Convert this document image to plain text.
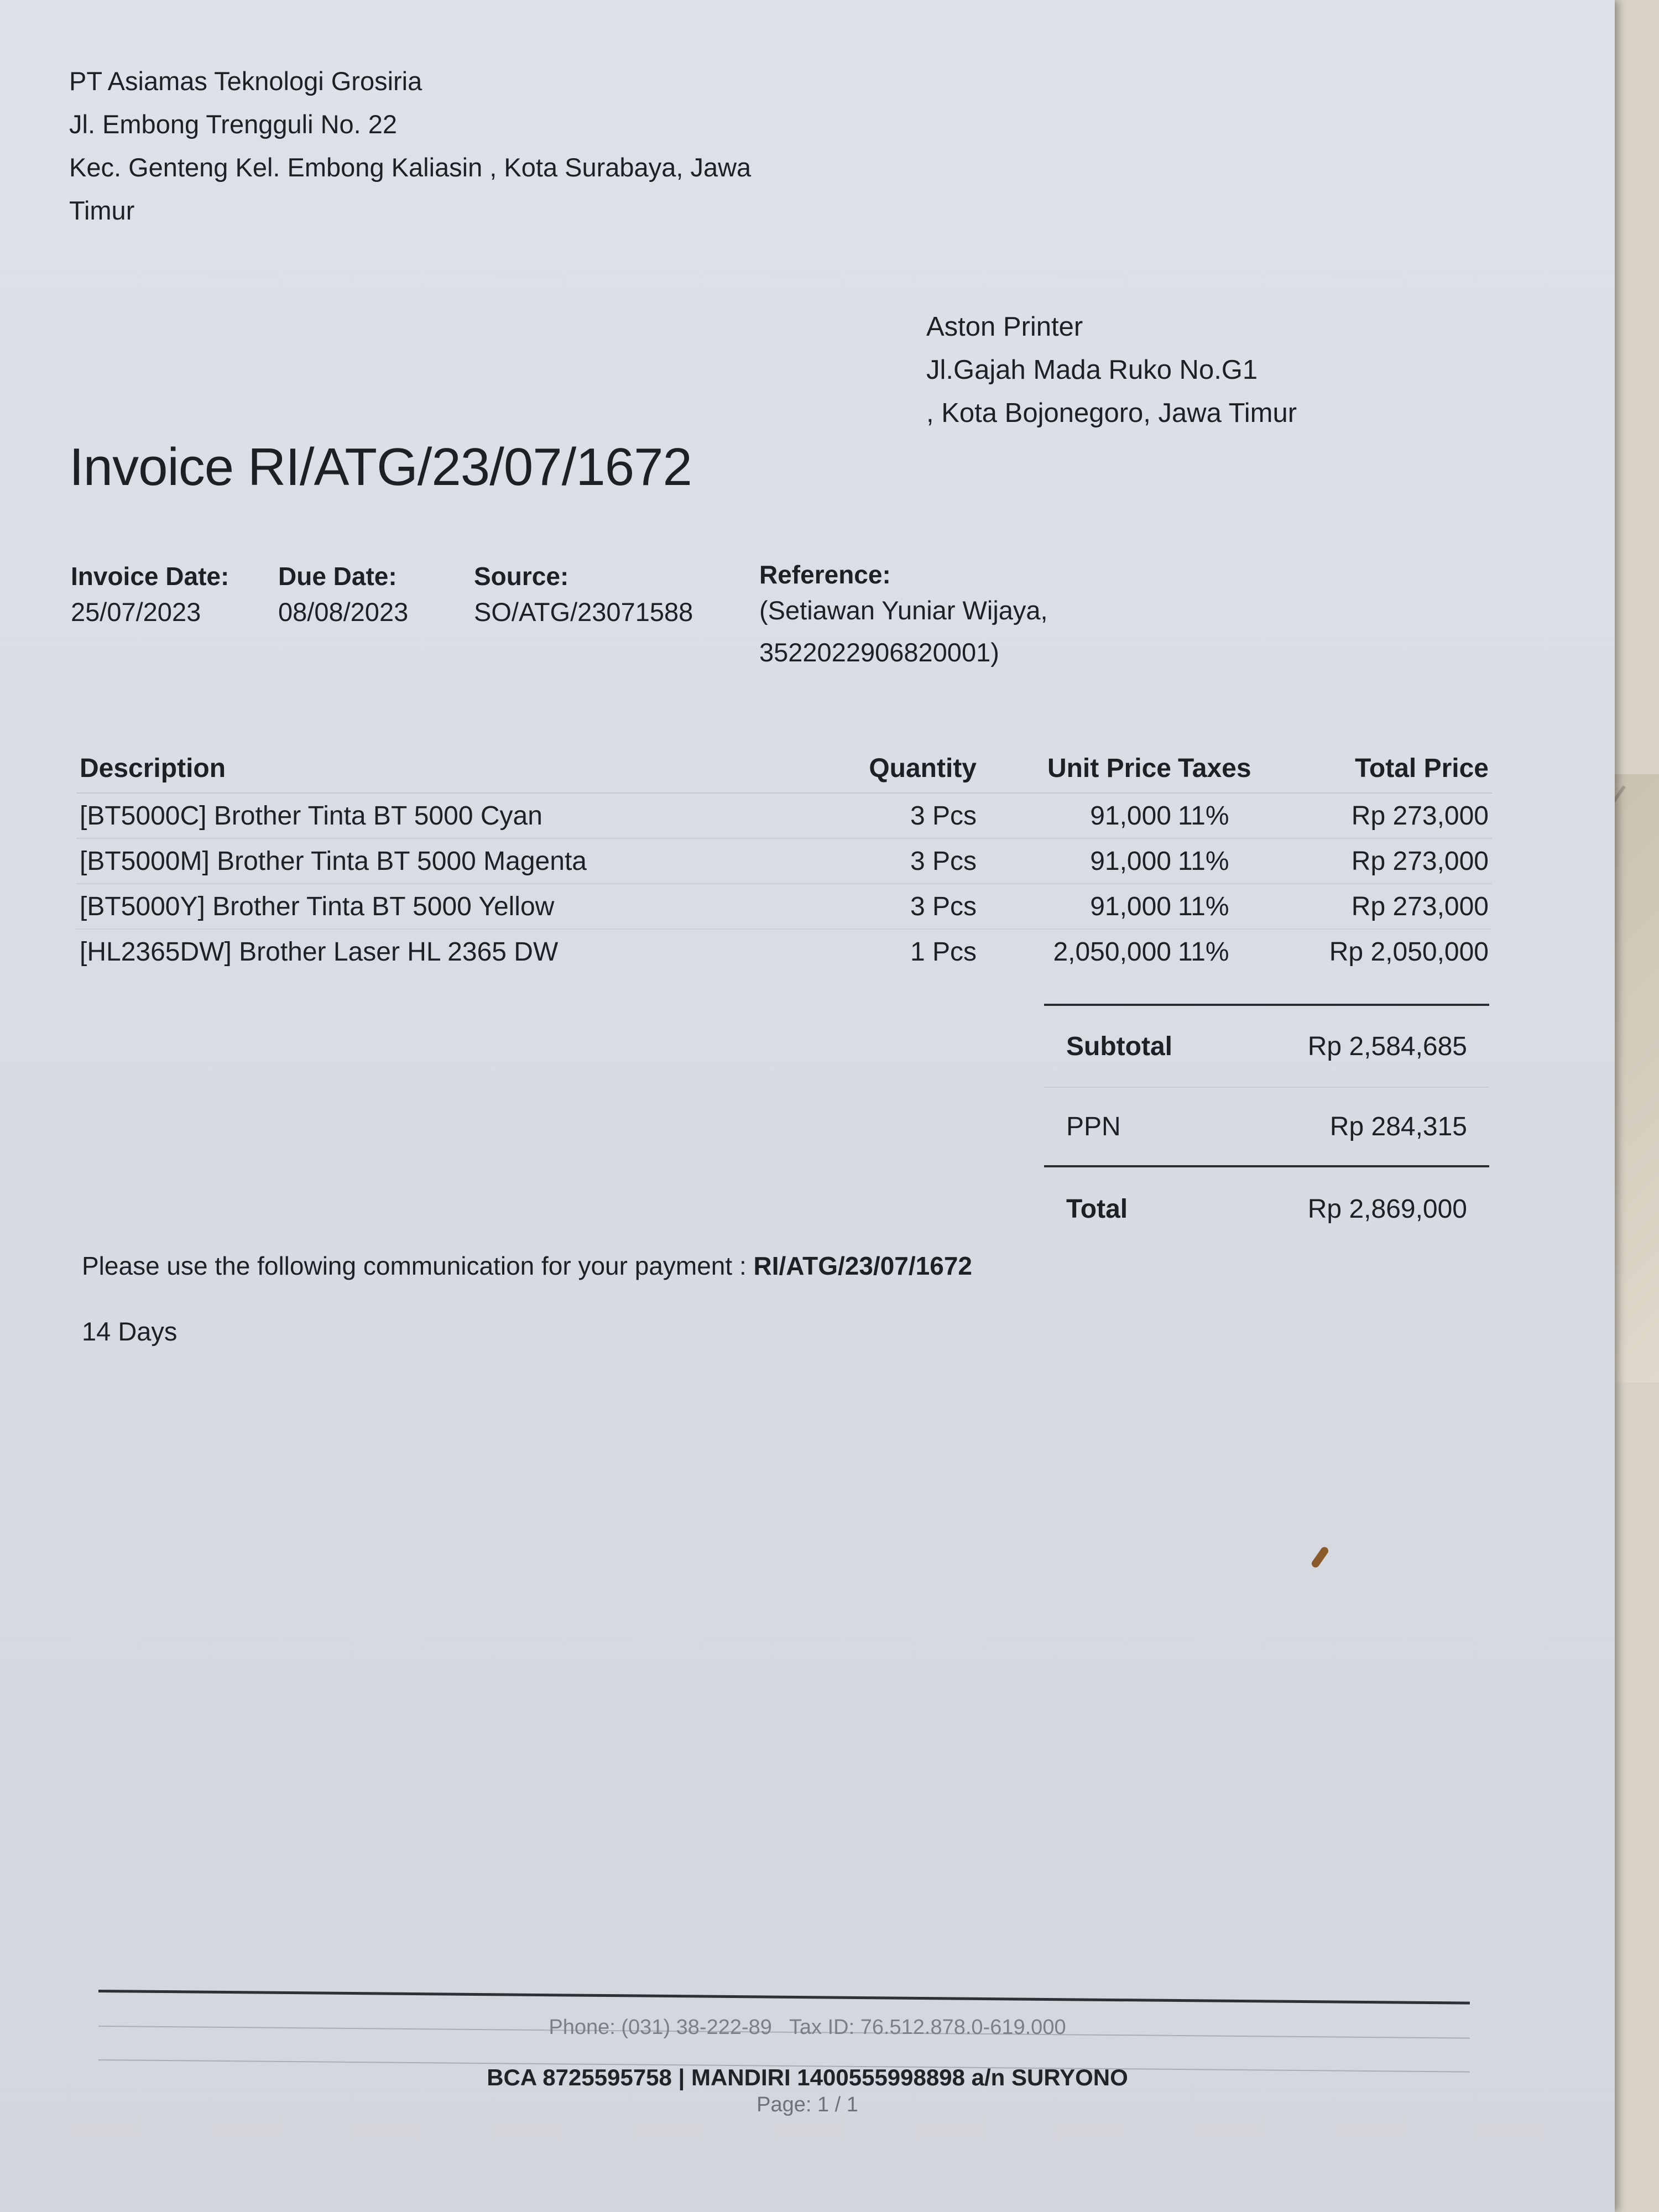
PT Asiamas Teknologi Grosiria
Jl. Embong Trengguli No. 22
Kec. Genteng Kel. Embong Kaliasin , Kota Surabaya, Jawa
Timur
Aston Printer
Jl.Gajah Mada Ruko No.G1
, Kota Bojonegoro, Jawa Timur
Invoice RI/ATG/23/07/1672
Invoice Date:
25/07/2023
Due Date:
08/08/2023
Source:
SO/ATG/23071588
Reference:
(Setiawan Yuniar Wijaya,
3522022906820001)
Description	Quantity	Unit Price	Taxes	Total Price
[BT5000C] Brother Tinta BT 5000 Cyan	3 Pcs	91,000	11%	Rp 273,000
[BT5000M] Brother Tinta BT 5000 Magenta	3 Pcs	91,000	11%	Rp 273,000
[BT5000Y] Brother Tinta BT 5000 Yellow	3 Pcs	91,000	11%	Rp 273,000
[HL2365DW] Brother Laser HL 2365 DW	1 Pcs	2,050,000	11%	Rp 2,050,000
Subtotal	Rp 2,584,685
PPN	Rp 284,315
Total	Rp 2,869,000
Please use the following communication for your payment : RI/ATG/23/07/1672
14 Days
Phone: (031) 38-222-89   Tax ID: 76.512.878.0-619.000
BCA 8725595758 | MANDIRI 1400555998898 a/n SURYONO
Page: 1 / 1
